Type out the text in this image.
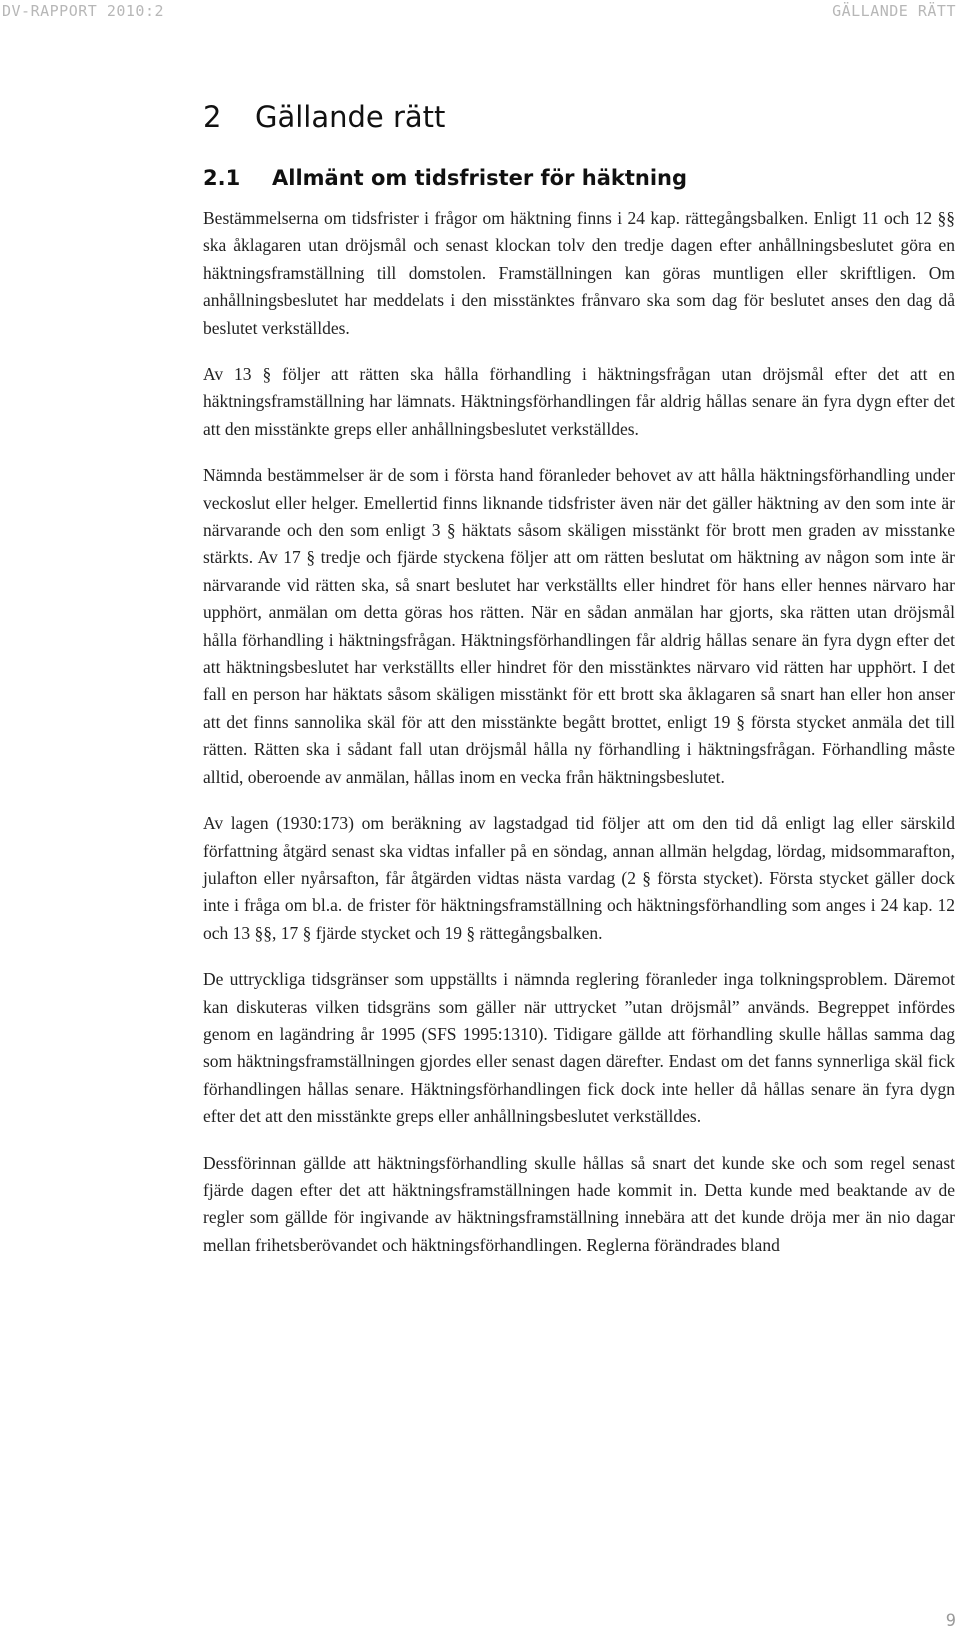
DV-RAPPORT 2010:2	GÄLLANDE RÄTT
2 Gällande rätt
2.1 Allmänt om tidsfrister för häktning

Bestämmelserna om tidsfrister i frågor om häktning finns i 24 kap. rättegångsbalken. Enligt 11 och 12 §§ ska åklagaren utan dröjsmål och senast klockan tolv den tredje dagen efter anhållningsbeslutet göra en häktningsframställning till domstolen. Framställningen kan göras muntligen eller skriftligen. Om anhållningsbeslutet har meddelats i den misstänktes frånvaro ska som dag för beslutet anses den dag då beslutet verkställdes.

Av 13 § följer att rätten ska hålla förhandling i häktningsfrågan utan dröjsmål efter det att en häktningsframställning har lämnats. Häktningsförhandlingen får aldrig hållas senare än fyra dygn efter det att den misstänkte greps eller anhållningsbeslutet verkställdes.

Nämnda bestämmelser är de som i första hand föranleder behovet av att hålla häktningsförhandling under veckoslut eller helger. Emellertid finns liknande tidsfrister även när det gäller häktning av den som inte är närvarande och den som enligt 3 § häktats såsom skäligen misstänkt för brott men graden av misstanke stärkts. Av 17 § tredje och fjärde styckena följer att om rätten beslutat om häktning av någon som inte är närvarande vid rätten ska, så snart beslutet har verkställts eller hindret för hans eller hennes närvaro har upphört, anmälan om detta göras hos rätten. När en sådan anmälan har gjorts, ska rätten utan dröjsmål hålla förhandling i häktningsfrågan. Häktningsförhandlingen får aldrig hållas senare än fyra dygn efter det att häktningsbeslutet har verkställts eller hindret för den misstänktes närvaro vid rätten har upphört. I det fall en person har häktats såsom skäligen misstänkt för ett brott ska åklagaren så snart han eller hon anser att det finns sannolika skäl för att den misstänkte begått brottet, enligt 19 § första stycket anmäla det till rätten. Rätten ska i sådant fall utan dröjsmål hålla ny förhandling i häktningsfrågan. Förhandling måste alltid, oberoende av anmälan, hållas inom en vecka från häktningsbeslutet.

Av lagen (1930:173) om beräkning av lagstadgad tid följer att om den tid då enligt lag eller särskild författning åtgärd senast ska vidtas infaller på en söndag, annan allmän helgdag, lördag, midsommarafton, julafton eller nyårsafton, får åtgärden vidtas nästa vardag (2 § första stycket). Första stycket gäller dock inte i fråga om bl.a. de frister för häktningsframställning och häktningsförhandling som anges i 24 kap. 12 och 13 §§, 17 § fjärde stycket och 19 § rättegångsbalken.

De uttryckliga tidsgränser som uppställts i nämnda reglering föranleder inga tolkningsproblem. Däremot kan diskuteras vilken tidsgräns som gäller när uttrycket ”utan dröjsmål” används. Begreppet infördes genom en lagändring år 1995 (SFS 1995:1310). Tidigare gällde att förhandling skulle hållas samma dag som häktningsframställningen gjordes eller senast dagen därefter. Endast om det fanns synnerliga skäl fick förhandlingen hållas senare. Häktningsförhandlingen fick dock inte heller då hållas senare än fyra dygn efter det att den misstänkte greps eller anhållningsbeslutet verkställdes.

Dessförinnan gällde att häktningsförhandling skulle hållas så snart det kunde ske och som regel senast fjärde dagen efter det att häktningsframställningen hade kommit in. Detta kunde med beaktande av de regler som gällde för ingivande av häktningsframställning innebära att det kunde dröja mer än nio dagar mellan frihetsberövandet och häktningsförhandlingen. Reglerna förändrades bland

9
